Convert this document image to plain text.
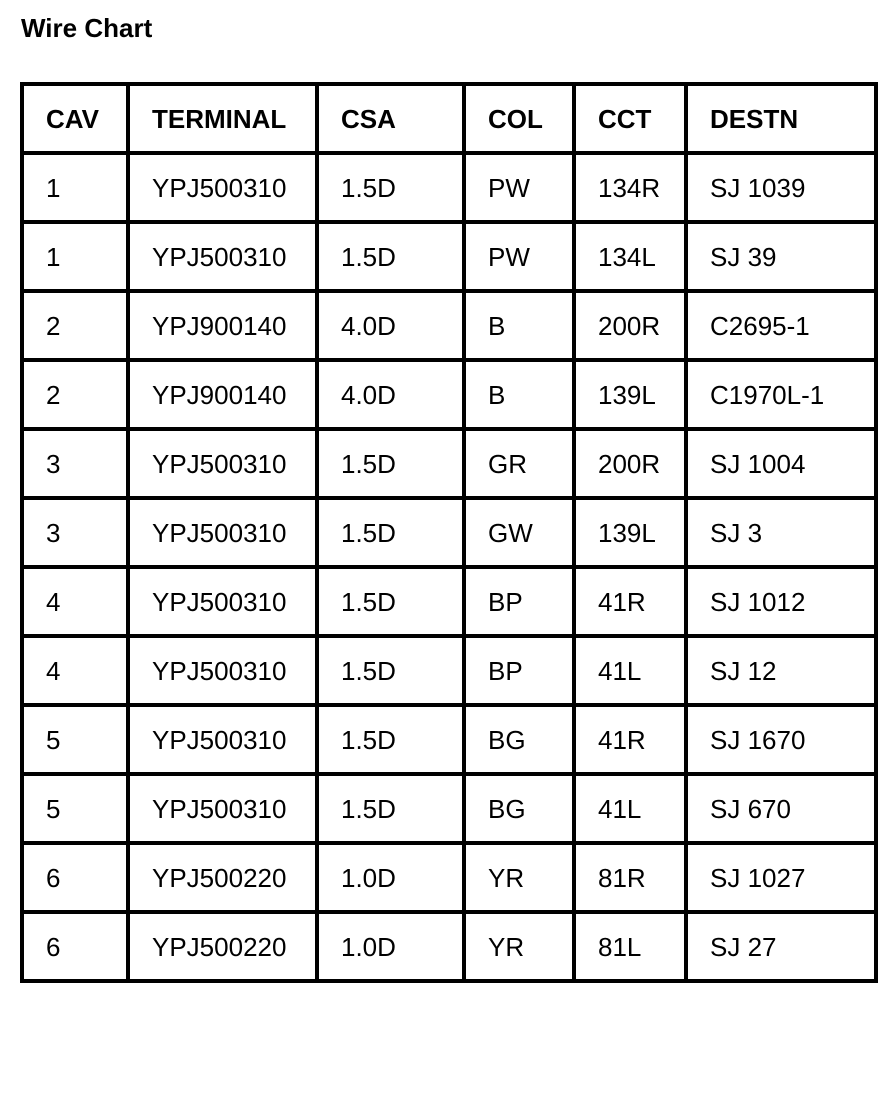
Wire Chart
CAV	TERMINAL	CSA	COL	CCT	DESTN
1	YPJ500310	1.5D	PW	134R	SJ 1039
1	YPJ500310	1.5D	PW	134L	SJ 39
2	YPJ900140	4.0D	B	200R	C2695-1
2	YPJ900140	4.0D	B	139L	C1970L-1
3	YPJ500310	1.5D	GR	200R	SJ 1004
3	YPJ500310	1.5D	GW	139L	SJ 3
4	YPJ500310	1.5D	BP	41R	SJ 1012
4	YPJ500310	1.5D	BP	41L	SJ 12
5	YPJ500310	1.5D	BG	41R	SJ 1670
5	YPJ500310	1.5D	BG	41L	SJ 670
6	YPJ500220	1.0D	YR	81R	SJ 1027
6	YPJ500220	1.0D	YR	81L	SJ 27
